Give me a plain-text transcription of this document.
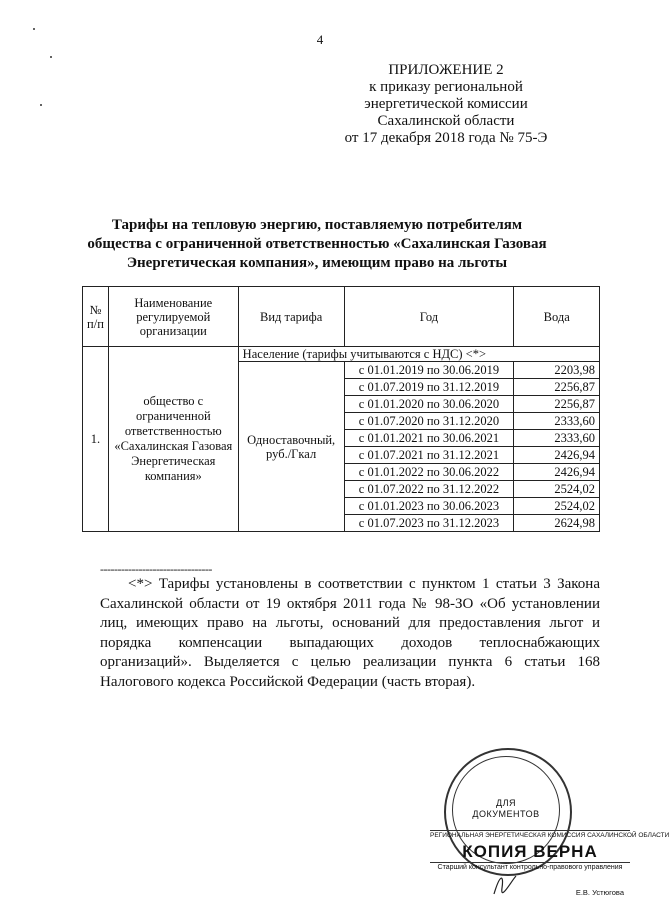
4
ПРИЛОЖЕНИЕ 2
к приказу региональной
энергетической комиссии
Сахалинской области
от 17 декабря 2018 года № 75-Э
Тарифы на тепловую энергию, поставляемую потребителям общества с ограниченной ответственностью «Сахалинская Газовая Энергетическая компания», имеющим право на льготы
№ п/п	Наименование регулируемой организации	Вид тарифа	Год	Вода
1.	общество с ограниченной ответственностью «Сахалинская Газовая Энергетическая компания»	Население (тарифы учитываются с НДС) <*>		
		Одноставочный, руб./Гкал	с 01.01.2019 по 30.06.2019	2203,98
			с 01.07.2019 по 31.12.2019	2256,87
			с 01.01.2020 по 30.06.2020	2256,87
			с 01.07.2020 по 31.12.2020	2333,60
			с 01.01.2021 по 30.06.2021	2333,60
			с 01.07.2021 по 31.12.2021	2426,94
			с 01.01.2022 по 30.06.2022	2426,94
			с 01.07.2022 по 31.12.2022	2524,02
			с 01.01.2023 по 30.06.2023	2524,02
			с 01.07.2023 по 31.12.2023	2624,98
--------------------------------
<*> Тарифы установлены в соответствии с пунктом 1 статьи 3 Закона Сахалинской области от 19 октября 2011 года № 98-ЗО «Об установлении лиц, имеющих право на льготы, оснований для предоставления льгот и порядка компенсации выпадающих доходов теплоснабжающих организаций». Выделяется с целью реализации пункта 6 статьи 168 Налогового кодекса Российской Федерации (часть вторая).
ДЛЯ ДОКУМЕНТОВ
РЕГИОНАЛЬНАЯ ЭНЕРГЕТИЧЕСКАЯ КОМИССИЯ САХАЛИНСКОЙ ОБЛАСТИ
КОПИЯ ВЕРНА
Старший консультант контрольно-правового управления
Е.В. Устюгова
